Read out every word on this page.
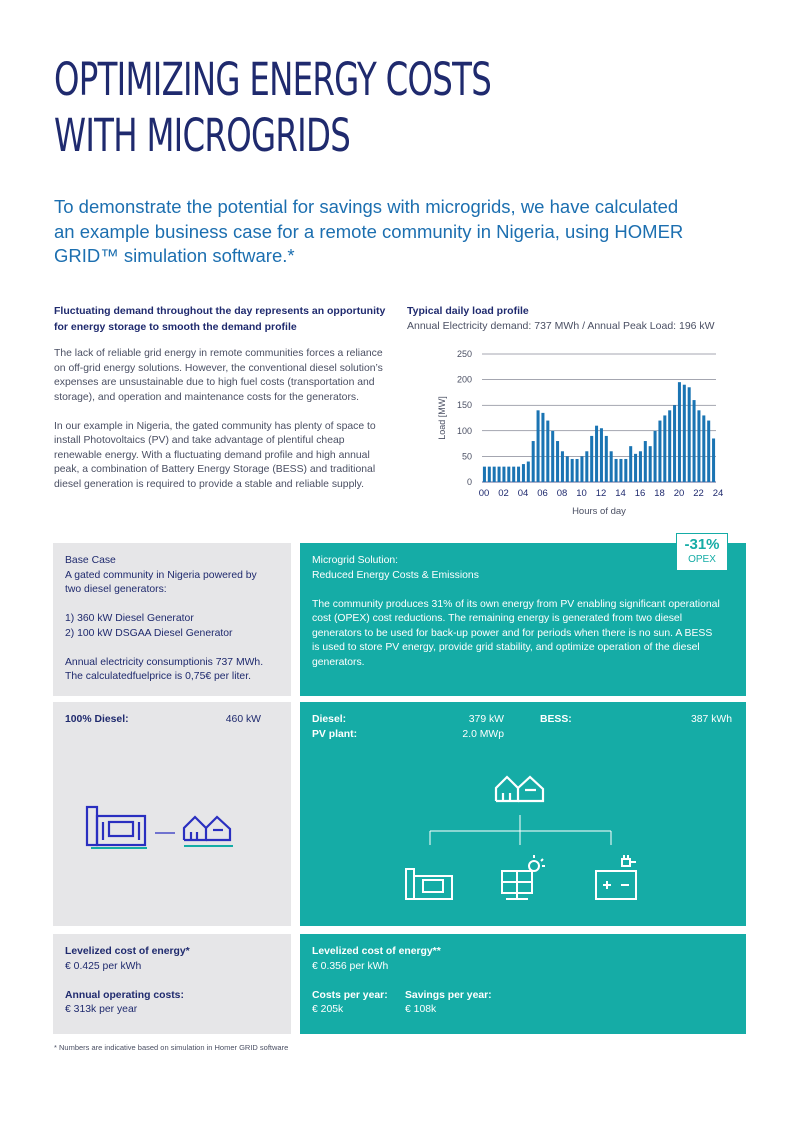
OPTIMIZING ENERGY COSTS
WITH MICROGRIDS

To demonstrate the potential for savings with microgrids, we have calculated an example business case for a remote community in Nigeria, using HOMER GRID™ simulation software.*

Fluctuating demand throughout the day represents an opportunity for energy storage to smooth the demand profile

The lack of reliable grid energy in remote communities forces a reliance on off-grid energy solutions. However, the conventional diesel solution’s expenses are unsustainable due to high fuel costs (transportation and storage), and operation and maintenance costs for the generators.

In our example in Nigeria, the gated community has plenty of space to install Photovoltaics (PV) and take advantage of plentiful cheap renewable energy. With a fluctuating demand profile and high annual peak, a combination of Battery Energy Storage (BESS) and traditional diesel generation is required to provide a stable and reliable supply.

Typical daily load profile
Annual Electricity demand: 737 MWh / Annual Peak Load: 196 kW
0
50
100
150
200
250
00 02 04 06 08 10 12 14 16 18 20 22 24
Hours of day
Load [MW]
Base Case
A gated community in Nigeria powered by two diesel generators:
1) 360 kW Diesel Generator
2) 100 kW DSGAA Diesel Generator
Annual electricity consumptionis 737 MWh. The calculatedfuelprice is 0,75€ per liter.
Microgrid Solution:
Reduced Energy Costs & Emissions
The community produces 31% of its own energy from PV enabling significant operational cost (OPEX) cost reductions. The remaining energy is generated from two diesel generators to be used for back-up power and for periods when there is no sun. A BESS is used to store PV energy, provide grid stability, and optimize operation of the diesel generators.
-31%
OPEX
100% Diesel:	460 kW	Diesel:	379 kW	BESS:	387 kWh
PV plant:	2.0 MWp
Levelized cost of energy*
€ 0.425 per kWh
Annual operating costs:
€ 313k per year
Levelized cost of energy**
€ 0.356 per kWh
Costs per year:
€ 205k
Savings per year:
€ 108k
* Numbers are indicative based on simulation in Homer GRID software
